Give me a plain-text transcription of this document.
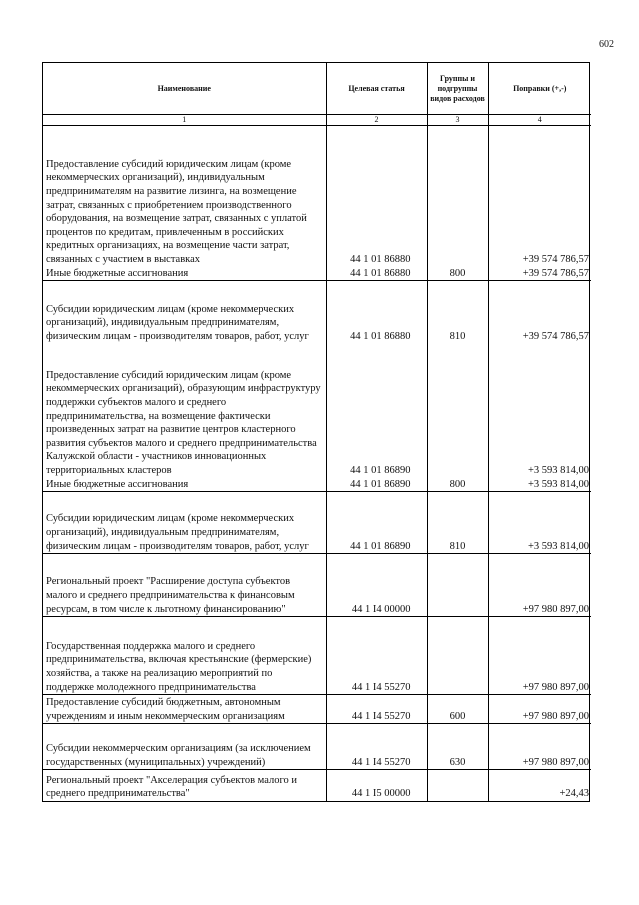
602
Наименование	Целевая статья	Группы и подгруппы видов расходов	Поправки (+,-)
1	2	3	4
Предоставление субсидий юридическим лицам (кроме некоммерческих организаций), индивидуальным предпринимателям на развитие лизинга, на возмещение затрат, связанных с приобретением производственного оборудования, на возмещение затрат, связанных с уплатой процентов по кредитам, привлеченным в российских кредитных организациях, на возмещение части затрат, связанных с участием в выставках	44 1 01 86880		+39 574 786,57
Иные бюджетные ассигнования	44 1 01 86880	800	+39 574 786,57
Субсидии юридическим лицам (кроме некоммерческих организаций), индивидуальным предпринимателям, физическим лицам - производителям товаров, работ, услуг	44 1 01 86880	810	+39 574 786,57
Предоставление субсидий юридическим лицам (кроме некоммерческих организаций), образующим инфраструктуру поддержки субъектов малого и среднего предпринимательства, на возмещение фактически произведенных затрат на развитие центров кластерного развития субъектов малого и среднего предпринимательства Калужской области - участников инновационных территориальных кластеров	44 1 01 86890		+3 593 814,00
Иные бюджетные ассигнования	44 1 01 86890	800	+3 593 814,00
Субсидии юридическим лицам (кроме некоммерческих организаций), индивидуальным предпринимателям, физическим лицам - производителям товаров, работ, услуг	44 1 01 86890	810	+3 593 814,00
Региональный проект "Расширение доступа субъектов малого и среднего предпринимательства к финансовым ресурсам, в том числе к льготному финансированию"	44 1 I4 00000		+97 980 897,00
Государственная поддержка малого и среднего предпринимательства, включая крестьянские (фермерские) хозяйства, а также на реализацию мероприятий по поддержке молодежного предпринимательства	44 1 I4 55270		+97 980 897,00
Предоставление субсидий бюджетным, автономным учреждениям и иным некоммерческим организациям	44 1 I4 55270	600	+97 980 897,00
Субсидии некоммерческим организациям (за исключением государственных (муниципальных) учреждений)	44 1 I4 55270	630	+97 980 897,00
Региональный проект "Акселерация субъектов малого и среднего предпринимательства"	44 1 I5 00000		+24,43
